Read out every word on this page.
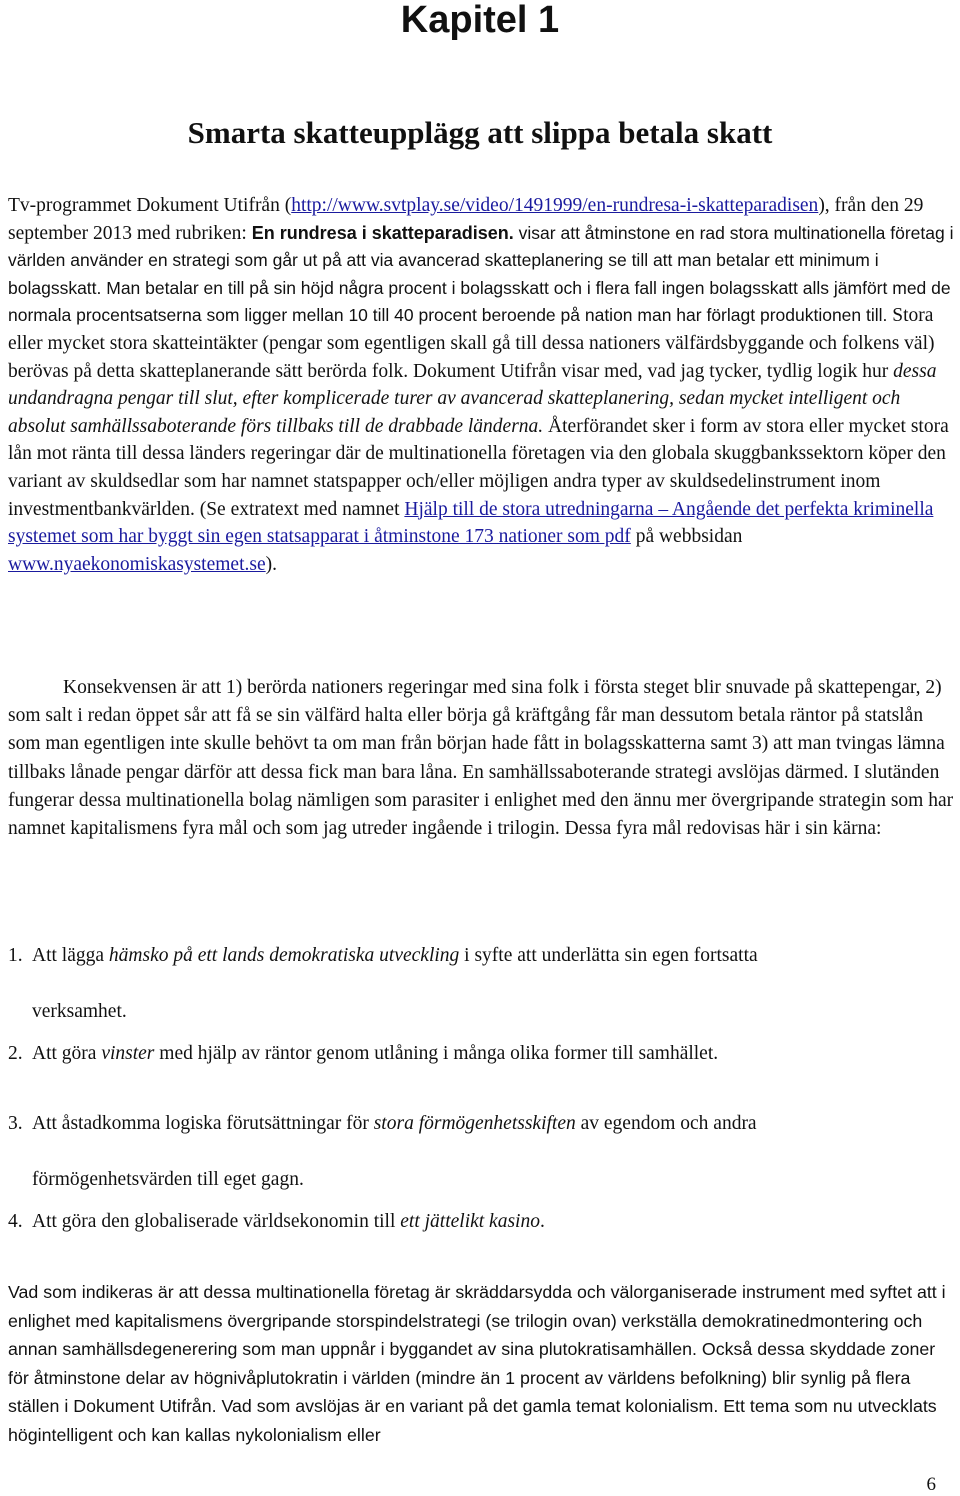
Kapitel 1
Smarta skatteupplägg att slippa betala skatt
Tv-programmet Dokument Utifrån (http://www.svtplay.se/video/1491999/en-rundresa-i-skatteparadisen), från den 29 september 2013 med rubriken: En rundresa i skatteparadisen. visar att åtminstone en rad stora multinationella företag i världen använder en strategi som går ut på att via avancerad skatteplanering se till att man betalar ett minimum i bolagsskatt. Man betalar en till på sin höjd några procent i bolagsskatt och i flera fall ingen bolagsskatt alls jämfört med de normala procentsatserna som ligger mellan 10 till 40 procent beroende på nation man har förlagt produktionen till. Stora eller mycket stora skatteintäkter (pengar som egentligen skall gå till dessa nationers välfärdsbyggande och folkens väl) berövas på detta skatteplanerande sätt berörda folk. Dokument Utifrån visar med, vad jag tycker, tydlig logik hur dessa undandragna pengar till slut, efter komplicerade turer av avancerad skatteplanering, sedan mycket intelligent och absolut samhällssaboterande förs tillbaks till de drabbade länderna. Återförandet sker i form av stora eller mycket stora lån mot ränta till dessa länders regeringar där de multinationella företagen via den globala skuggbankssektorn köper den variant av skuldsedlar som har namnet statspapper och/eller möjligen andra typer av skuldsedelinstrument inom investmentbankvärlden. (Se extratext med namnet Hjälp till de stora utredningarna – Angående det perfekta kriminella systemet som har byggt sin egen statsapparat i åtminstone 173 nationer som pdf på webbsidan www.nyaekonomiskasystemet.se).
Konsekvensen är att 1) berörda nationers regeringar med sina folk i första steget blir snuvade på skattepengar, 2) som salt i redan öppet sår att få se sin välfärd halta eller börja gå kräftgång får man dessutom betala räntor på statslån som man egentligen inte skulle behövt ta om man från början hade fått in bolagsskatterna samt 3) att man tvingas lämna tillbaks lånade pengar därför att dessa fick man bara låna. En samhällssaboterande strategi avslöjas därmed. I slutänden fungerar dessa multinationella bolag nämligen som parasiter i enlighet med den ännu mer övergripande strategin som har namnet kapitalismens fyra mål och som jag utreder ingående i trilogin. Dessa fyra mål redovisas här i sin kärna:
1. Att lägga hämsko på ett lands demokratiska utveckling i syfte att underlätta sin egen fortsatta
verksamhet.
2. Att göra vinster med hjälp av räntor genom utlåning i många olika former till samhället.
3. Att åstadkomma logiska förutsättningar för stora förmögenhetsskiften av egendom och andra
förmögenhetsvärden till eget gagn.
4. Att göra den globaliserade världsekonomin till ett jättelikt kasino.
Vad som indikeras är att dessa multinationella företag är skräddarsydda och välorganiserade instrument med syftet att i enlighet med kapitalismens övergripande storspindelstrategi (se trilogin ovan) verkställa demokratinedmontering och annan samhällsdegenerering som man uppnår i byggandet av sina plutokratisamhällen. Också dessa skyddade zoner för åtminstone delar av högnivåplutokratin i världen (mindre än 1 procent av världens befolkning) blir synlig på flera ställen i Dokument Utifrån. Vad som avslöjas är en variant på det gamla temat kolonialism. Ett tema som nu utvecklats högintelligent och kan kallas nykolonialism eller
6
